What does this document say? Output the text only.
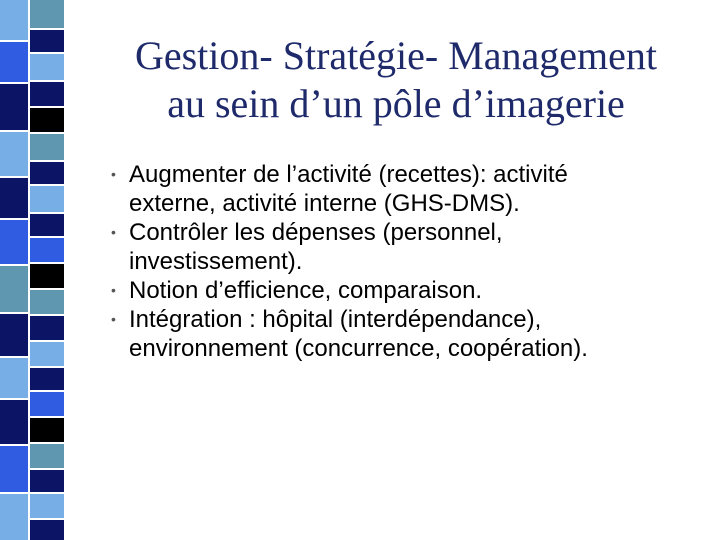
Gestion- Stratégie- Management
au sein d’un pôle d’imagerie
• Augmenter de l’activité (recettes): activité
externe, activité interne (GHS-DMS).
• Contrôler les dépenses (personnel,
investissement).
• Notion d’efficience, comparaison.
• Intégration : hôpital (interdépendance),
environnement (concurrence, coopération).
